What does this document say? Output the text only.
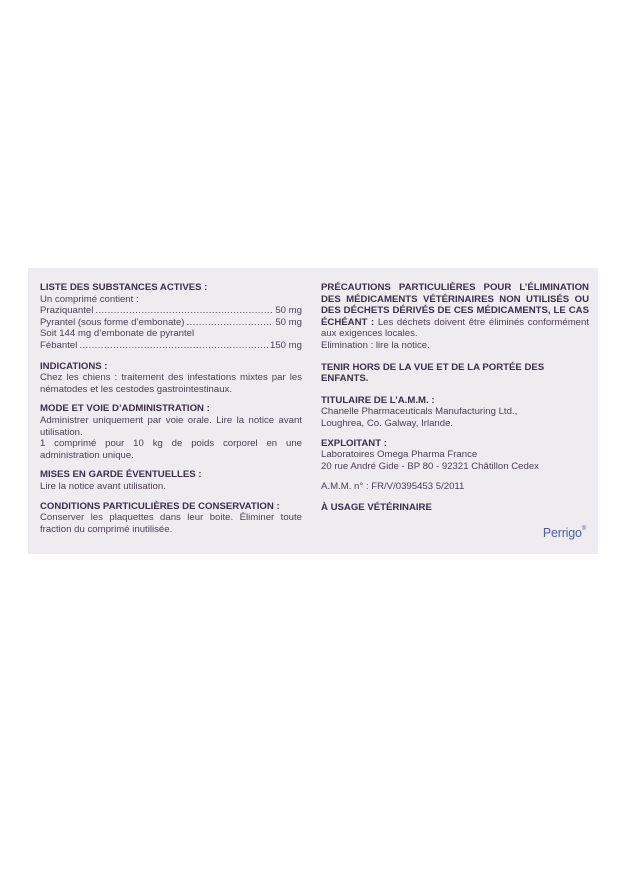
LISTE DES SUBSTANCES ACTIVES :
Un comprimé contient :
Praziquantel .....	50 mg
Pyrantel (sous forme d’embonate) .....	50 mg
Soit 144 mg d’embonate de pyrantel
Fébantel .....	150 mg
INDICATIONS :
Chez les chiens : traitement des infestations mixtes par les nématodes et les cestodes gastrointestinaux.
MODE ET VOIE D’ADMINISTRATION :
Administrer uniquement par voie orale. Lire la notice avant utilisation.
1 comprimé pour 10 kg de poids corporel en une administration unique.
MISES EN GARDE ÉVENTUELLES :
Lire la notice avant utilisation.
CONDITIONS PARTICULIÈRES DE CONSERVATION :
Conserver les plaquettes dans leur boite. Éliminer toute fraction du comprimé inutilisée.
PRÉCAUTIONS PARTICULIÈRES POUR L’ÉLIMINATION DES MÉDICAMENTS VÉTÉRINAIRES NON UTILISÉS OU DES DÉCHETS DÉRIVÉS DE CES MÉDICAMENTS, LE CAS ÉCHÉANT : Les déchets doivent être éliminés conformément aux exigences locales.
Elimination : lire la notice.
TENIR HORS DE LA VUE ET DE LA PORTÉE DES ENFANTS.
TITULAIRE DE L’A.M.M. :
Chanelle Pharmaceuticals Manufacturing Ltd.,
Loughrea, Co. Galway, Irlande.
EXPLOITANT :
Laboratoires Omega Pharma France
20 rue André Gide - BP 80 - 92321 Châtillon Cedex
A.M.M. n° : FR/V/0395453 5/2011
À USAGE VÉTÉRINAIRE
Perrigo®
